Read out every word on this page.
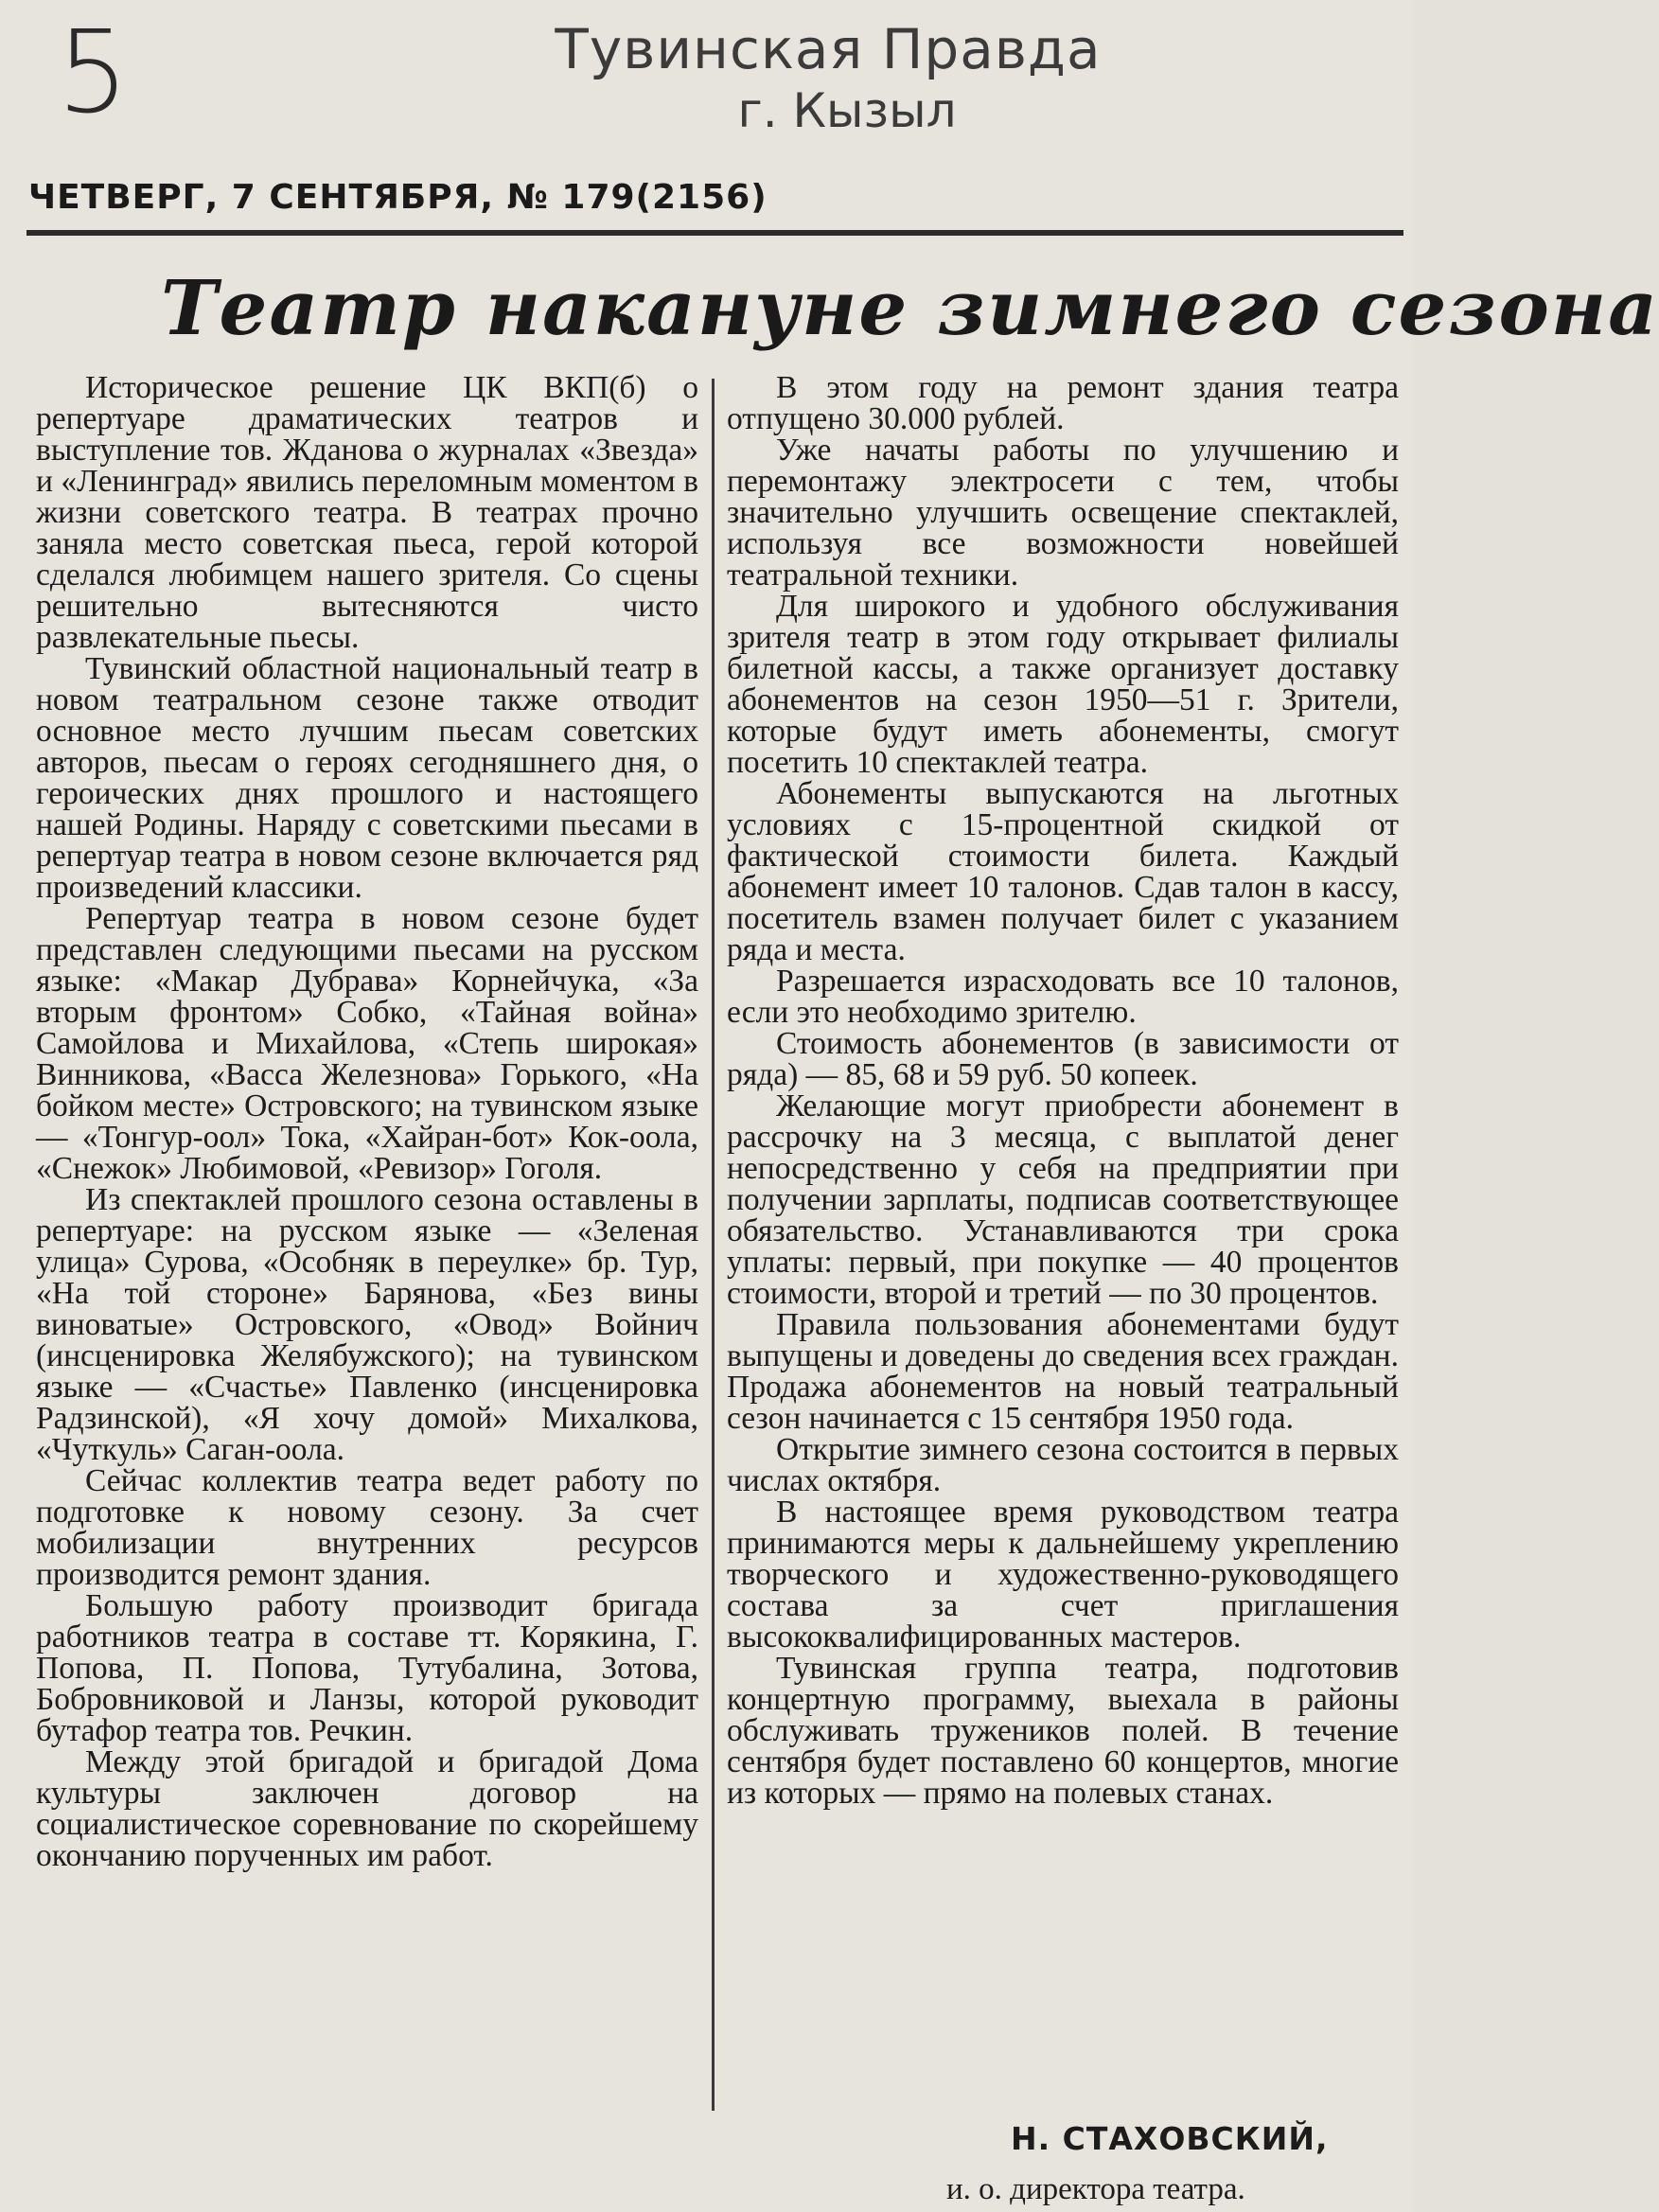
5	Тувинская Правда
г. Кызыл
ЧЕТВЕРГ, 7 СЕНТЯБРЯ, № 179(2156)
Театр накануне зимнего сезона

Историческое решение ЦК ВКП(б) о репертуаре драматических театров и выступление тов. Жданова о журналах «Звезда» и «Ленинград» явились переломным моментом в жизни советского театра. В театрах прочно заняла место советская пьеса, герой которой сделался любимцем нашего зрителя. Со сцены решительно вытесняются чисто развлекательные пьесы.

Тувинский областной национальный театр в новом театральном сезоне также отводит основное место лучшим пьесам советских авторов, пьесам о героях сегодняшнего дня, о героических днях прошлого и настоящего нашей Родины. Наряду с советскими пьесами в репертуар театра в новом сезоне включается ряд произведений классики.

Репертуар театра в новом сезоне будет представлен следующими пьесами на русском языке: «Макар Дубрава» Корнейчука, «За вторым фронтом» Собко, «Тайная война» Самойлова и Михайлова, «Степь широкая» Винникова, «Васса Железнова» Горького, «На бойком месте» Островского; на тувинском языке — «Тонгур-оол» Тока, «Хайран-бот» Кок-оола, «Снежок» Любимовой, «Ревизор» Гоголя.

Из спектаклей прошлого сезона оставлены в репертуаре: на русском языке — «Зеленая улица» Сурова, «Особняк в переулке» бр. Тур, «На той стороне» Барянова, «Без вины виноватые» Островского, «Овод» Войнич (инсценировка Желябужского); на тувинском языке — «Счастье» Павленко (инсценировка Радзинской), «Я хочу домой» Михалкова, «Чуткуль» Саган-оола.

Сейчас коллектив театра ведет работу по подготовке к новому сезону. За счет мобилизации внутренних ресурсов производится ремонт здания.

Большую работу производит бригада работников театра в составе тт. Корякина, Г. Попова, П. Попова, Тутубалина, Зотова, Бобровниковой и Ланзы, которой руководит бутафор театра тов. Речкин.

Между этой бригадой и бригадой Дома культуры заключен договор на социалистическое соревнование по скорейшему окончанию порученных им работ.

В этом году на ремонт здания театра отпущено 30.000 рублей.

Уже начаты работы по улучшению и перемонтажу электросети с тем, чтобы значительно улучшить освещение спектаклей, используя все возможности новейшей театральной техники.

Для широкого и удобного обслуживания зрителя театр в этом году открывает филиалы билетной кассы, а также организует доставку абонементов на сезон 1950—51 г. Зрители, которые будут иметь абонементы, смогут посетить 10 спектаклей театра.

Абонементы выпускаются на льготных условиях с 15-процентной скидкой от фактической стоимости билета. Каждый абонемент имеет 10 талонов. Сдав талон в кассу, посетитель взамен получает билет с указанием ряда и места.

Разрешается израсходовать все 10 талонов, если это необходимо зрителю.

Стоимость абонементов (в зависимости от ряда) — 85, 68 и 59 руб. 50 копеек.

Желающие могут приобрести абонемент в рассрочку на 3 месяца, с выплатой денег непосредственно у себя на предприятии при получении зарплаты, подписав соответствующее обязательство. Устанавливаются три срока уплаты: первый, при покупке — 40 процентов стоимости, второй и третий — по 30 процентов.

Правила пользования абонементами будут выпущены и доведены до сведения всех граждан. Продажа абонементов на новый театральный сезон начинается с 15 сентября 1950 года.

Открытие зимнего сезона состоится в первых числах октября.

В настоящее время руководством театра принимаются меры к дальнейшему укреплению творческого и художественно-руководящего состава за счет приглашения высококвалифицированных мастеров.

Тувинская группа театра, подготовив концертную программу, выехала в районы обслуживать тружеников полей. В течение сентября будет поставлено 60 концертов, многие из которых — прямо на полевых станах.

Н. СТАХОВСКИЙ,
и. о. директора театра.
